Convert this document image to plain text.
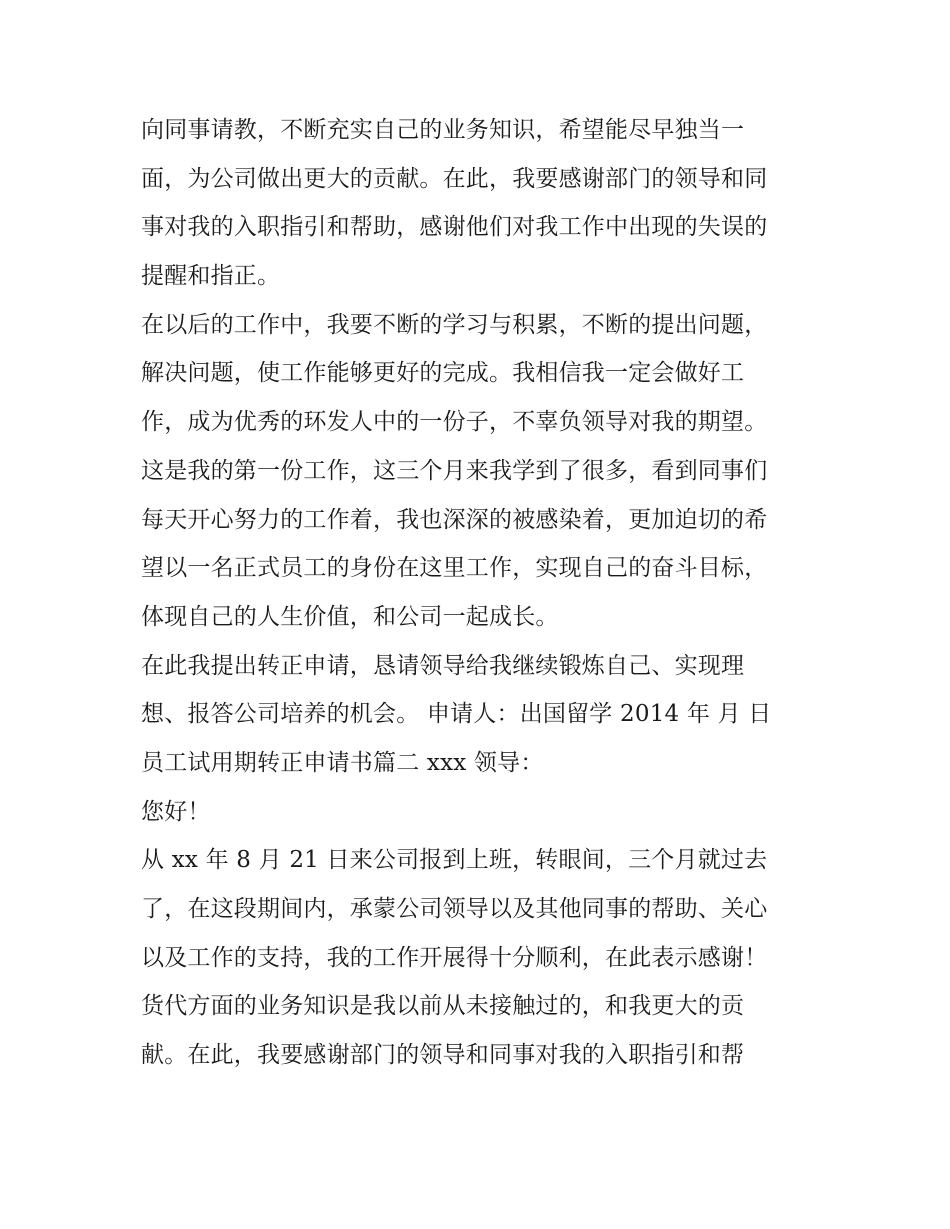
向同事请教，不断充实自己的业务知识，希望能尽早独当一
面，为公司做出更大的贡献。在此，我要感谢部门的领导和同
事对我的入职指引和帮助，感谢他们对我工作中出现的失误的
提醒和指正。
在以后的工作中，我要不断的学习与积累，不断的提出问题，
解决问题，使工作能够更好的完成。我相信我一定会做好工
作，成为优秀的环发人中的一份子，不辜负领导对我的期望。
这是我的第一份工作，这三个月来我学到了很多，看到同事们
每天开心努力的工作着，我也深深的被感染着，更加迫切的希
望以一名正式员工的身份在这里工作，实现自己的奋斗目标，
体现自己的人生价值，和公司一起成长。
在此我提出转正申请，恳请领导给我继续锻炼自己、实现理
想、报答公司培养的机会。 申请人：出国留学 2014 年 月 日
员工试用期转正申请书篇二 xxx 领导：
您好！
从 xx 年 8 月 21 日来公司报到上班，转眼间，三个月就过去
了，在这段期间内，承蒙公司领导以及其他同事的帮助、关心
以及工作的支持，我的工作开展得十分顺利，在此表示感谢！
货代方面的业务知识是我以前从未接触过的，和我更大的贡
献。在此，我要感谢部门的领导和同事对我的入职指引和帮
